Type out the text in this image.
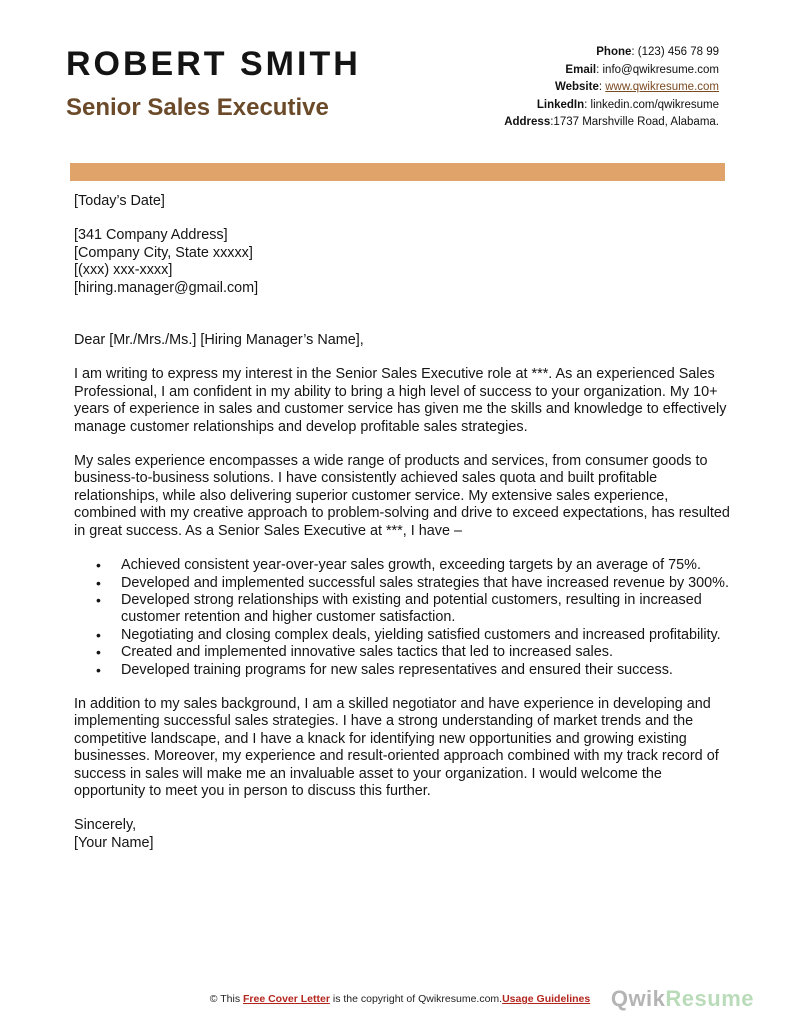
ROBERT SMITH
Senior Sales Executive
Phone: (123) 456 78 99
Email: info@qwikresume.com
Website: www.qwikresume.com
LinkedIn: linkedin.com/qwikresume
Address:1737 Marshville Road, Alabama.

[Today’s Date]

[341 Company Address]

[Company City, State xxxxx]

[(xxx) xxx-xxxx]

[hiring.manager@gmail.com]

Dear [Mr./Mrs./Ms.] [Hiring Manager’s Name],

I am writing to express my interest in the Senior Sales Executive role at ***. As an experienced Sales Professional, I am confident in my ability to bring a high level of success to your organization. My 10+ years of experience in sales and customer service has given me the skills and knowledge to effectively manage customer relationships and develop profitable sales strategies.

My sales experience encompasses a wide range of products and services, from consumer goods to business-to-business solutions. I have consistently achieved sales quota and built profitable relationships, while also delivering superior customer service. My extensive sales experience, combined with my creative approach to problem-solving and drive to exceed expectations, has resulted in great success. As a Senior Sales Executive at ***, I have –

• Achieved consistent year-over-year sales growth, exceeding targets by an average of 75%.
• Developed and implemented successful sales strategies that have increased revenue by 300%.
• Developed strong relationships with existing and potential customers, resulting in increased customer retention and higher customer satisfaction.
• Negotiating and closing complex deals, yielding satisfied customers and increased profitability.
• Created and implemented innovative sales tactics that led to increased sales.
• Developed training programs for new sales representatives and ensured their success.

In addition to my sales background, I am a skilled negotiator and have experience in developing and implementing successful sales strategies. I have a strong understanding of market trends and the competitive landscape, and I have a knack for identifying new opportunities and growing existing businesses. Moreover, my experience and result-oriented approach combined with my track record of success in sales will make me an invaluable asset to your organization. I would welcome the opportunity to meet you in person to discuss this further.

Sincerely,

[Your Name]

© This Free Cover Letter is the copyright of Qwikresume.com.Usage Guidelines QwikResume
